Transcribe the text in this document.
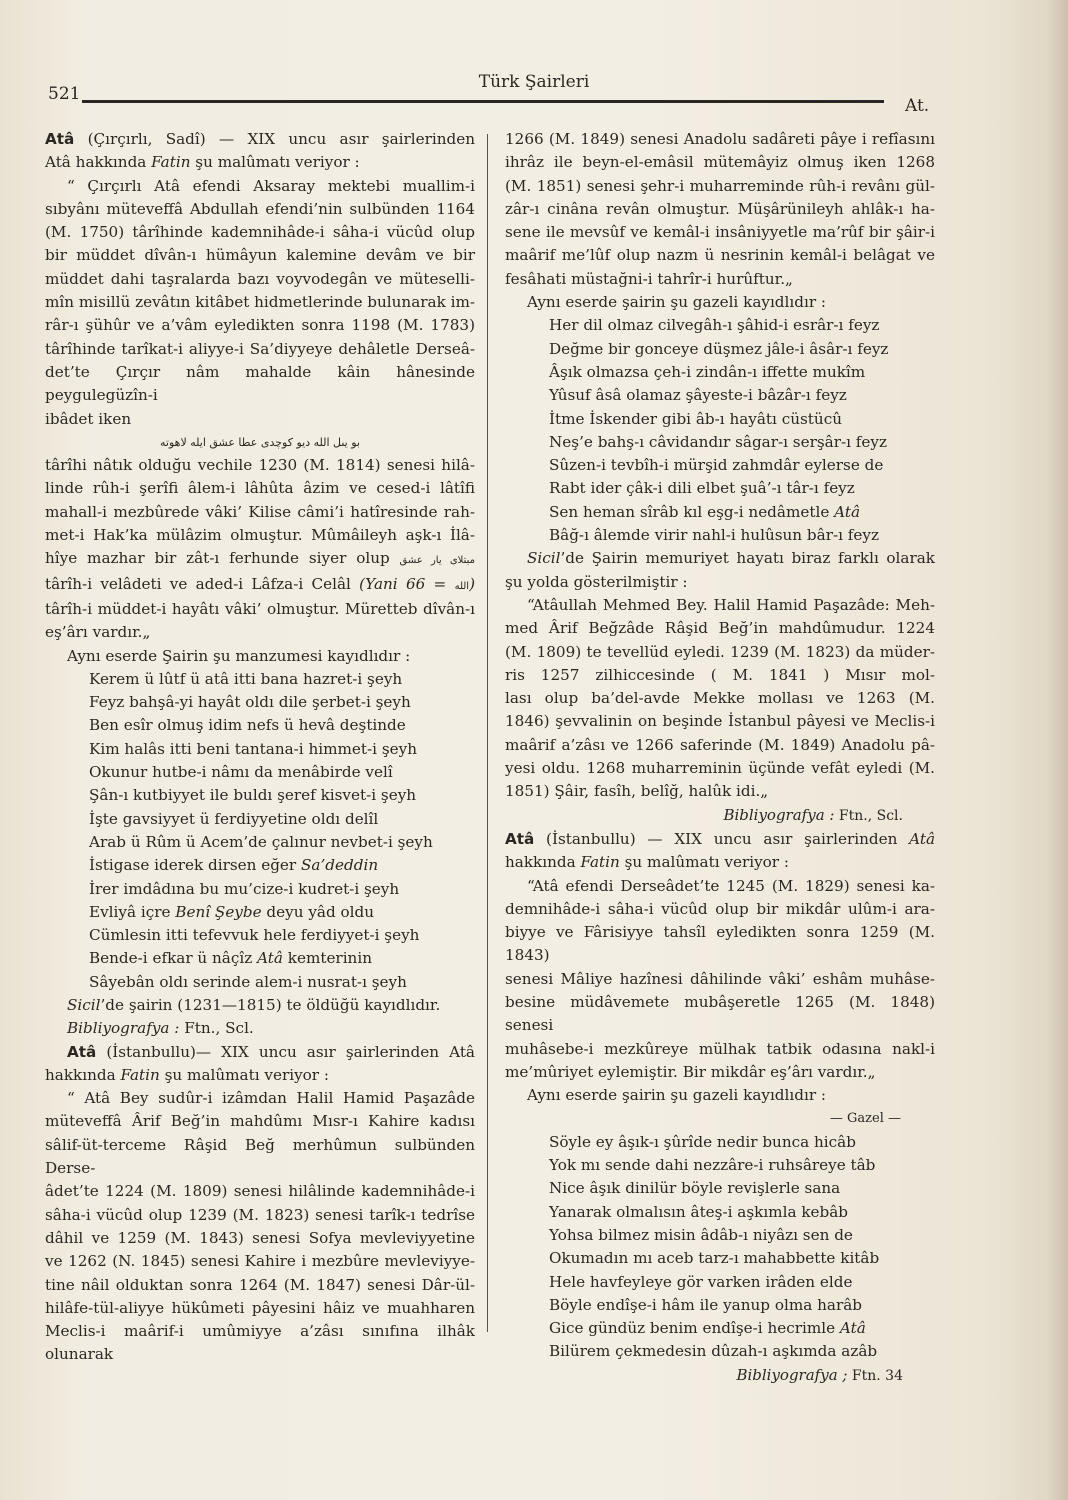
521
Türk Şairleri
At.

Atâ (Çırçırlı, Sadî) — XIX uncu asır şairlerinden

Atâ hakkında Fatin şu malûmatı veriyor :

“ Çırçırlı Atâ efendi Aksaray mektebi muallim-i

sıbyânı müteveffâ Abdullah efendi’nin sulbünden 1164

(M. 1750) târîhinde kademnihâde-i sâha-i vücûd olup

bir müddet dîvân-ı hümâyun kalemine devâm ve bir

müddet dahi taşralarda bazı voyvodegân ve müteselli-

mîn misillü zevâtın kitâbet hidmetlerinde bulunarak im-

râr-ı şühûr ve a’vâm eyledikten sonra 1198 (M. 1783)

târîhinde tarîkat-i aliyye-i Sa’diyyeye dehâletle Derseâ-

det’te Çırçır nâm mahalde kâin hânesinde peygulegüzîn-i

ibâdet iken

بو يىل الله ديو كوچدى عطا عشق ايله لاهوته

târîhi nâtık olduğu vechile 1230 (M. 1814) senesi hilâ-

linde rûh-i şerîfi âlem-i lâhûta âzim ve cesed-i lâtîfi

mahall-i mezbûrede vâki’ Kilise câmi’i hatîresinde rah-

met-i Hak’ka mülâzim olmuştur. Mûmâileyh aşk-ı İlâ-

hîye mazhar bir zât-ı ferhunde siyer olup مبتلاى يار عشق

târîh-i velâdeti ve aded-i Lâfza-i Celâl (Yani	الله = 66)

târîh-i müddet-i hayâtı vâki’ olmuştur. Müretteb dîvân-ı

eş’ârı vardır.„

Aynı eserde Şairin şu manzumesi kayıdlıdır :

Kerem ü lûtf ü atâ itti bana hazret-i şeyh

Feyz bahşâ-yi hayât oldı dile şerbet-i şeyh

Ben esîr olmuş idim nefs ü hevâ deştinde

Kim halâs itti beni tantana-i himmet-i şeyh

Okunur hutbe-i nâmı da menâbirde velî

Şân-ı kutbiyyet ile buldı şeref kisvet-i şeyh

İşte gavsiyyet ü ferdiyyetine oldı delîl

Arab ü Rûm ü Acem’de çalınur nevbet-i şeyh

İstigase iderek dirsen eğer Sa’deddin

İrer imdâdına bu mu’cize-i kudret-i şeyh

Evliyâ içre Benî Şeybe deyu yâd oldu

Cümlesin itti tefevvuk hele ferdiyyet-i şeyh

Bende-i efkar ü nâçîz Atâ kemterinin

Sâyebân oldı serinde alem-i nusrat-ı şeyh

Sicil’de şairin (1231—1815) te öldüğü kayıdlıdır.

Bibliyografya : Ftn., Scl.

Atâ (İstanbullu)— XIX uncu asır şairlerinden Atâ

hakkında Fatin şu malûmatı veriyor :

“ Atâ Bey sudûr-i izâmdan Halil Hamid Paşazâde

müteveffâ Ârif Beğ’in mahdûmı Mısr-ı Kahire kadısı

sâlif-üt-terceme Râşid Beğ merhûmun sulbünden Derse-

âdet’te 1224 (M. 1809) senesi hilâlinde kademnihâde-i

sâha-i vücûd olup 1239 (M. 1823) senesi tarîk-ı tedrîse

dâhil ve 1259 (M. 1843) senesi Sofya mevleviyyetine

ve 1262 (N. 1845) senesi Kahire i mezbûre mevleviyye-

tine nâil olduktan sonra 1264 (M. 1847) senesi Dâr-ül-

hilâfe-tül-aliyye hükûmeti pâyesini hâiz ve muahharen

Meclis-i maârif-i umûmiyye a’zâsı sınıfına ilhâk olunarak

1266 (M. 1849) senesi Anadolu sadâreti pâye i refîasını

ihrâz ile beyn-el-emâsil mütemâyiz olmuş iken 1268

(M. 1851) senesi şehr-i muharreminde rûh-i revânı gül-

zâr-ı cinâna revân olmuştur. Müşârünileyh ahlâk-ı ha-

sene ile mevsûf ve kemâl-i insâniyyetle ma’rûf bir şâir-i

maârif me’lûf olup nazm ü nesrinin kemâl-i belâgat ve

fesâhati müstağni-i tahrîr-i hurûftur.„

Aynı eserde şairin şu gazeli kayıdlıdır :

Her dil olmaz cilvegâh-ı şâhid-i esrâr-ı feyz

Değme bir gonceye düşmez jâle-i âsâr-ı feyz

Âşık olmazsa çeh-i zindân-ı iffette mukîm

Yûsuf âsâ olamaz şâyeste-i bâzâr-ı feyz

İtme İskender gibi âb-ı hayâtı cüstücû

Neş’e bahş-ı câvidandır sâgar-ı serşâr-ı feyz

Sûzen-i tevbîh-i mürşid zahmdâr eylerse de

Rabt ider çâk-i dili elbet şuâ’-ı târ-ı feyz

Sen heman sîrâb kıl eşg-i nedâmetle Atâ

Bâğ-ı âlemde virir nahl-i hulûsun bâr-ı feyz

Sicil’de Şairin memuriyet hayatı biraz farklı olarak

şu yolda gösterilmiştir :

“Atâullah Mehmed Bey. Halil Hamid Paşazâde: Meh-

med Ârif Beğzâde Râşid Beğ’in mahdûmudur. 1224

(M. 1809) te tevellüd eyledi. 1239 (M. 1823) da müder-

ris 1257 zilhiccesinde ( M. 1841 ) Mısır mol-

lası olup ba’del-avde Mekke mollası ve 1263 (M.

1846) şevvalinin on beşinde İstanbul pâyesi ve Meclis-i

maârif a’zâsı ve 1266 saferinde (M. 1849) Anadolu pâ-

yesi oldu. 1268 muharreminin üçünde vefât eyledi (M.

1851) Şâir, fasîh, belîğ, halûk idi.„

Bibliyografya : Ftn., Scl.

Atâ (İstanbullu) — XIX uncu asır şairlerinden Atâ

hakkında Fatin şu malûmatı veriyor :

“Atâ efendi Derseâdet’te 1245 (M. 1829) senesi ka-

demnihâde-i sâha-i vücûd olup bir mikdâr ulûm-i ara-

biyye ve Fârisiyye tahsîl eyledikten sonra 1259 (M. 1843)

senesi Mâliye hazînesi dâhilinde vâki’ eshâm muhâse-

besine müdâvemete mubâşeretle 1265 (M. 1848) senesi

muhâsebe-i mezkûreye mülhak tatbik odasına nakl-i

me’mûriyet eylemiştir. Bir mikdâr eş’ârı vardır.„

Aynı eserde şairin şu gazeli kayıdlıdır :

— Gazel —

Söyle ey âşık-ı şûrîde nedir bunca hicâb

Yok mı sende dahi nezzâre-i ruhsâreye tâb

Nice âşık dinilür böyle revişlerle sana

Yanarak olmalısın âteş-i aşkımla kebâb

Yohsa bilmez misin âdâb-ı niyâzı sen de

Okumadın mı aceb tarz-ı mahabbette kitâb

Hele havfeyleye gör varken irâden elde

Böyle endîşe-i hâm ile yanup olma harâb

Gice gündüz benim endîşe-i hecrimle Atâ

Bilürem çekmedesin dûzah-ı aşkımda azâb

Bibliyografya ; Ftn. 34
